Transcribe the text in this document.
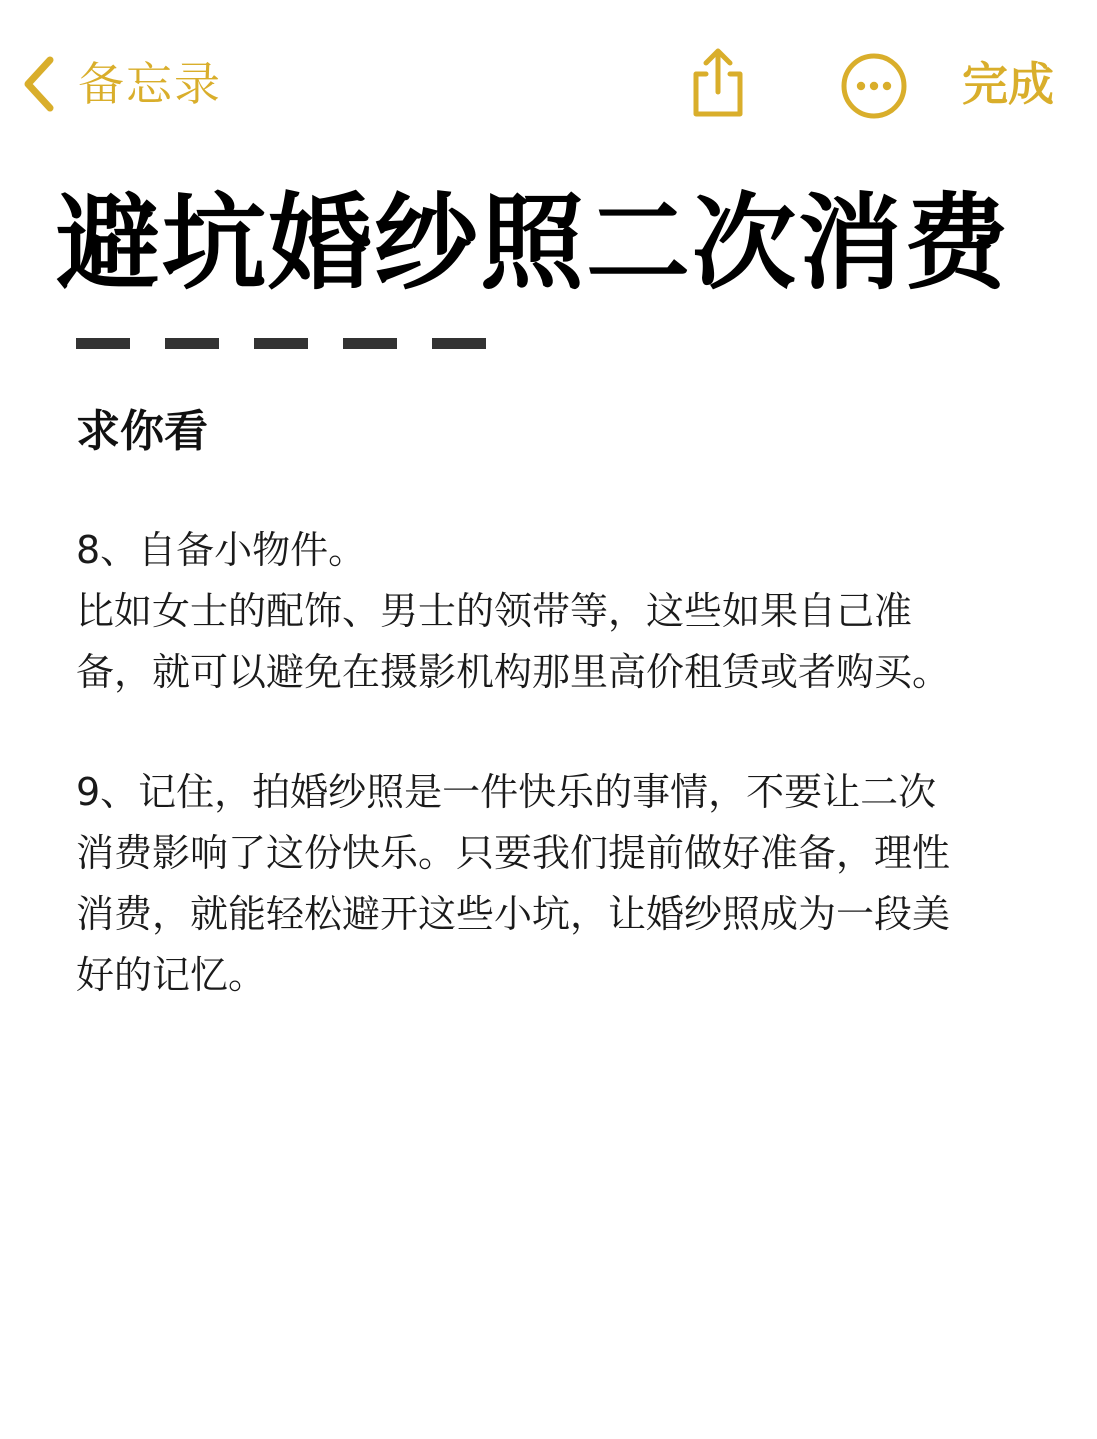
备忘录	完成
避坑婚纱照二次消费
求你看

8、自备小物件。

比如女士的配饰、男士的领带等，这些如果自己准

备，就可以避免在摄影机构那里高价租赁或者购买。

9、记住，拍婚纱照是一件快乐的事情，不要让二次

消费影响了这份快乐。只要我们提前做好准备，理性

消费，就能轻松避开这些小坑，让婚纱照成为一段美

好的记忆。
